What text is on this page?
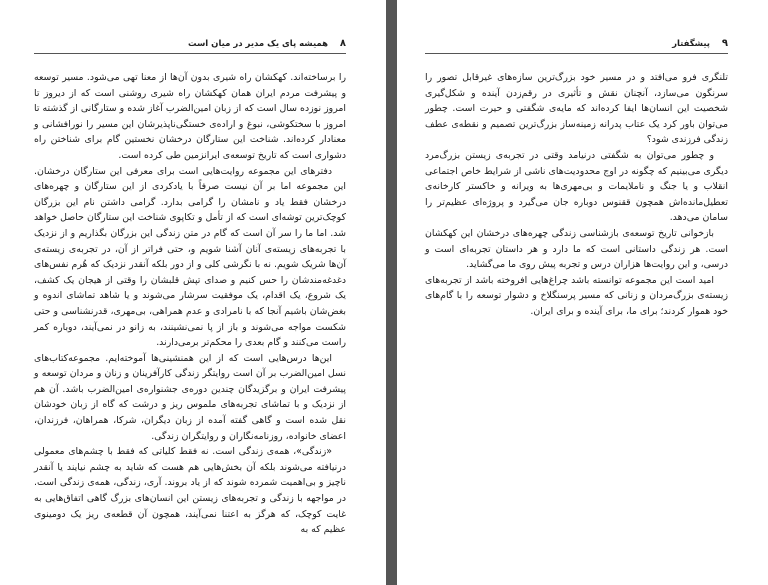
۸
همیشه پای یک مدیر در میان است

را برساخته‌اند. کهکشان راه شیری بدون آن‌ها از معنا تهی می‌شود. مسیر توسعه و پیشرفت مردم ایران همان کهکشان راه شیری روشنی است که از دیروز تا امروز نوزده‌ سال است که از زبان امین‌الضرب آغاز شده و ستارگانی از گذشته تا امروز با سختکوشی، نبوغ و اراده‌ی خستگی‌ناپذیرشان این مسیر را نورافشانی و معنادار کرده‌اند. شناخت این ستارگان درخشان نخستین گام برای شناختن راه دشواری است که تاریخ توسعه‌ی ایرانزمین طی کرده است.

دفترهای این مجموعه روایت‌هایی است برای معرفی این ستارگان درخشان. این مجموعه اما بر آن نیست صرفاً با یادکردی از این ستارگان و چهره‌های درخشان فقط یاد و نامشان را گرامی بدارد. گرامی داشتن نام این بزرگان کوچک‌ترین توشه‌ای است که از تأمل و تکاپوی شناخت این ستارگان حاصل خواهد شد. اما ما را سر آن است که گام در متن زندگی این بزرگان بگذاریم و از نزدیک با تجربه‌های زیسته‌ی آنان آشنا شویم و، حتی فراتر از آن، در تجربه‌ی زیسته‌ی آن‌ها شریک شویم. نه با نگرشی کلی و از دور بلکه آنقدر نزدیک که هُرم نفس‌های دغدغه‌مندشان را حس کنیم و صدای تپش قلبشان را وقتی از هیجان یک کشف، یک شروع، یک اقدام، یک موفقیت سرشار می‌شوند و یا شاهد تماشای اندوه و بغض‌شان باشیم آنجا که با نامرادی و عدم همراهی، بی‌مهری، قدرنشناسی و حتی شکست مواجه می‌شوند و باز از پا نمی‌نشینند، به زانو در نمی‌آیند، دوباره کمر راست می‌کنند و گام بعدی را محکم‌تر برمی‌دارند.

این‌ها درس‌هایی است که از این همنشینی‌ها آموخته‌ایم. مجموعه‌کتاب‌های نسل امین‌الضرب بر آن است روایتگر زندگی کارآفرینان و زنان و مردان توسعه و پیشرفت ایران و برگزیدگان چندین دوره‌ی جشنواره‌ی امین‌الضرب باشد. آن هم از نزدیک و با تماشای تجربه‌های ملموس ریز و درشت که گاه از زبان خودشان نقل شده است و گاهی گفته آمده از زبان دیگران، شرکا، همراهان، فرزندان، اعضای خانواده، روزنامه‌نگاران و روایتگران زندگی.

«زندگی»، همه‌ی زندگی است. نه فقط کلیاتی که فقط با چشم‌های معمولی درنیافته می‌شوند بلکه آن بخش‌هایی هم هست که شاید به چشم نیایند یا آنقدر ناچیز و بی‌اهمیت شمرده شوند که از یاد بروند. آری، زندگی، همه‌ی زندگی است. در مواجهه با زندگی و تجربه‌های زیستن این انسان‌های بزرگ گاهی اتفاق‌هایی به غایت کوچک، که هرگز به اعتنا نمی‌آیند، همچون آن قطعه‌ی ریز یک دومینوی عظیم که به

۹
پیشگفتار

تلنگری فرو می‌افتد و در مسیر خود بزرگ‌ترین سازه‌های غیرقابل تصور را سرنگون می‌سازد، آنچنان نقش و تأثیری در رقم‌زدن آینده و شکل‌گیری شخصیت این انسان‌ها ایفا کرده‌اند که مایه‌ی شگفتی و حیرت است. چطور می‌توان باور کرد یک عتاب پدرانه زمینه‌ساز بزرگ‌ترین تصمیم و نقطه‌ی عطف زندگی فرزندی شود؟

و چطور می‌توان به شگفتی درنیامد وقتی در تجربه‌ی زیستن بزرگ‌مرد دیگری می‌بینیم که چگونه در اوج محدودیت‌های ناشی از شرایط خاص اجتماعی انقلاب و یا جنگ و ناملایمات و بی‌مهری‌ها به ویرانه و خاکستر کارخانه‌ی تعطیل‌مانده‌اش همچون ققنوس دوباره جان می‌گیرد و پروژه‌ای عظیم‌تر را سامان می‌دهد.

بازخوانی تاریخ توسعه‌ی بازشناسی زندگی چهره‌های درخشان این کهکشان است. هر زندگی داستانی است که ما دارد و هر داستان تجربه‌ای است و درسی، و این روایت‌ها هزاران درس و تجربه پیش روی ما می‌گشاید.

امید است این مجموعه توانسته باشد چراغ‌هایی افروخته باشد از تجربه‌های زیسته‌ی بزرگ‌مردان و زنانی که مسیر پرسنگلاخ و دشوار توسعه را با گام‌های خود هموار کردند؛ برای ما، برای آینده و برای ایران.
